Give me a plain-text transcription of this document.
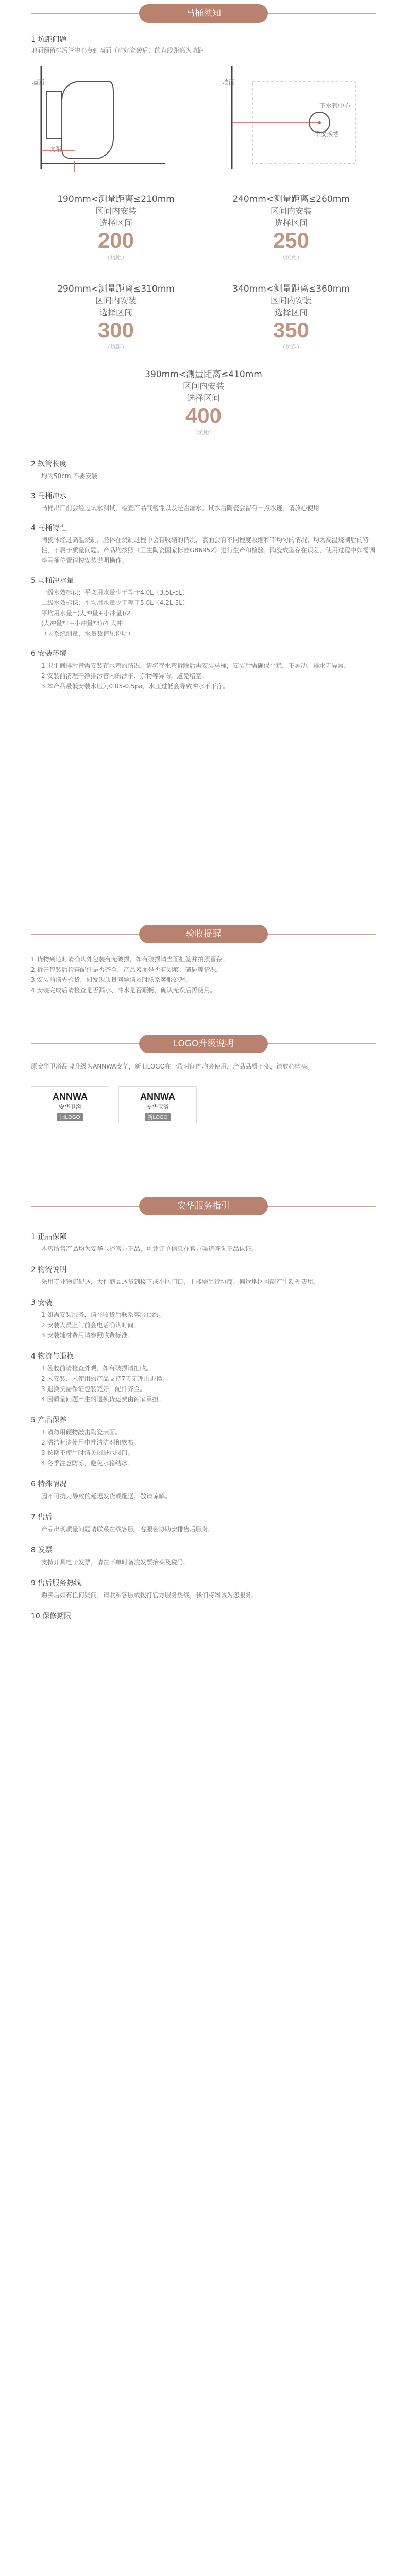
马桶须知
1 坑距问题
地面预留排污管中心点到墙面（贴好瓷砖后）的直线距离为坑距
墙面
坑距
墙面
下水管中心
不要挨墙
190mm<测量距离≤210mm
区间内安装
选择区间
200
（坑距）
240mm<测量距离≤260mm
区间内安装
选择区间
250
（坑距）
290mm<测量距离≤310mm
区间内安装
选择区间
300
（坑距）
340mm<测量距离≤360mm
区间内安装
选择区间
350
（坑距）
390mm<测量距离≤410mm
区间内安装
选择区间
400
（坑距）
2 软管长度
均为50cm,不要安装
3 马桶冲水
马桶出厂前会经过试水测试，检查产品气密性以及是否漏水。试水后陶瓷会留有一点水迹，请放心使用
4 马桶特性
陶瓷体经过高温烧制，胚体在烧制过程中会有收缩的情况，表面会有不同程度收缩和不均匀的情况，均为高温烧制后的特性，不属于质量问题。产品均按照《卫生陶瓷国家标准GB6952》进行生产和检验，陶瓷成型存在误差，使用过程中如需调整马桶位置请按安装说明操作。
5 马桶冲水量
一级水效标识：平均用水量少于等于4.0L（3.5L-5L）
二级水效标识：平均用水量少于等于5.0L（4.2L-5L）
平均用水量=(大冲量+小冲量)/2
(大冲量*1+小冲量*3)/4 大冲
（因系统测量，水量数值见说明）
6 安装环境
1.卫生间排污管需安装存水弯的情况，请将存水弯拆除后再安装马桶，安装后需确保平稳，不晃动，排水无异常。
2.安装前清理干净排污管内的沙子、杂物等异物，避免堵塞。
3.本产品最低安装水压为0.05-0.5pa，水压过低会导致冲水不干净。
验收提醒
1.货物到达时请确认外包装有无破损，如有破损请当面拒签并拍照留存。
2.拆开包装后检查配件是否齐全，产品表面是否有划痕、磕碰等情况。
3.安装前请先验货，如发现质量问题请及时联系客服处理。
4.安装完成后请检查是否漏水、冲水是否顺畅，确认无误后再使用。
LOGO升级说明
原安华卫浴品牌升级为ANNWA安华，新旧LOGO在一段时间内均会使用，产品品质不变，请放心购买。
ANNWA
安华卫浴
旧LOGO
ANNWA
安华卫浴
新LOGO
安华服务指引
1 正品保障
本店所售产品均为安华卫浴官方正品，可凭订单信息在官方渠道查询正品认证。
2 物流说明
采用专业物流配送，大件商品送货到楼下或小区门口，上楼需另行协商。偏远地区可能产生额外费用。
3 安装
1.如需安装服务，请在收货后联系客服预约。
2.安装人员上门前会电话确认时间。
3.安装辅材费用请参照收费标准。
4 物流与退换
1.签收前请检查外观，如有破损请拒收。
2.未安装、未使用的产品支持7天无理由退换。
3.退换货需保证包装完好，配件齐全。
4.因质量问题产生的退换货运费由商家承担。
5 产品保养
1.请勿用硬物敲击陶瓷表面。
2.清洁时请使用中性清洁剂和软布。
3.长期不使用时请关闭进水阀门。
4.冬季注意防冻，避免水箱结冰。
6 特殊情况
因不可抗力导致的延迟发货或配送，敬请谅解。
7 售后
产品出现质量问题请联系在线客服，客服会协助安排售后服务。
8 发票
支持开具电子发票，请在下单时备注发票抬头及税号。
9 售后服务热线
购买后如有任何疑问，请联系客服或拨打官方服务热线，我们将竭诚为您服务。
10 保修期限
